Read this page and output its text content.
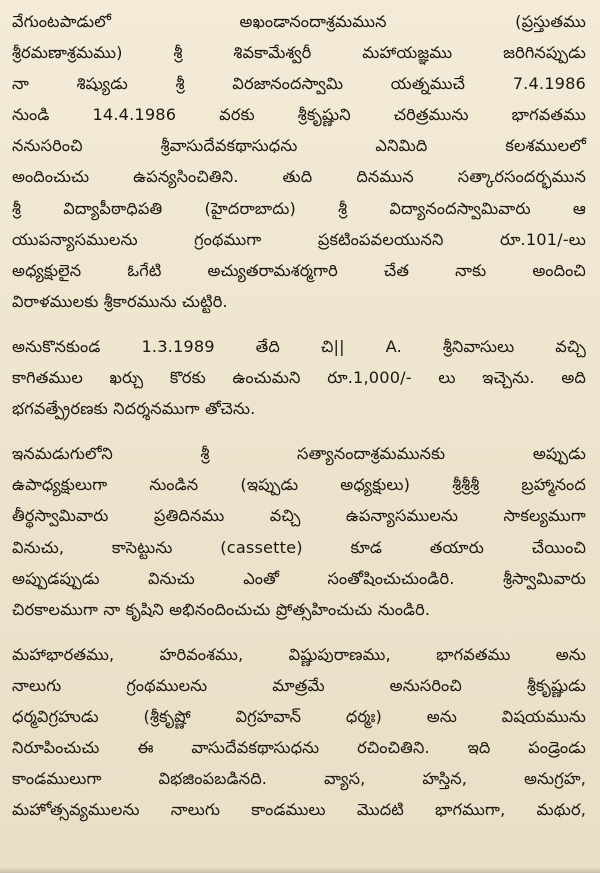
వేగుంటపాడులో అఖండానందాశ్రమమున (ప్రస్తుతము
శ్రీరమణాశ్రమము) శ్రీ శివకామేశ్వరీ మహాయజ్ఞము జరిగినప్పుడు
నా శిష్యుడు శ్రీ విరజానందస్వామి యత్నముచే 7.4.1986
నుండి 14.4.1986 వరకు శ్రీకృష్ణుని చరిత్రమును భాగవతము
ననుసరించి శ్రీవాసుదేవకథాసుధను ఎనిమిది కలశములలో
అందించుచు ఉపన్యసించితిని. తుది దినమున సత్కారసందర్భమున
శ్రీ విద్యాపీఠాధిపతి (హైదరాబాదు) శ్రీ విద్యానందస్వామివారు ఆ
యుపన్యాసములను గ్రంథముగా ప్రకటింపవలయునని రూ.101/-లు
అధ్యక్షులైన ఓగేటి అచ్యుతరామశర్మగారి చేత నాకు అందించి
విరాళములకు శ్రీకారమును చుట్టిరి.
అనుకొనకుండ 1.3.1989 తేది చి|| A. శ్రీనివాసులు వచ్చి
కాగితముల ఖర్చు కొరకు ఉంచుమని రూ.1,000/- లు ఇచ్చెను. అది
భగవత్ప్రేరణకు నిదర్శనముగా తోచెను.
ఇనమడుగులోని శ్రీ సత్యానందాశ్రమమునకు అప్పుడు
ఉపాధ్యక్షులుగా నుండిన (ఇప్పుడు అధ్యక్షులు) శ్రీశ్రీశ్రీ బ్రహ్మానంద
తీర్థస్వామివారు ప్రతిదినము వచ్చి ఉపన్యాసములను సాకల్యముగా
వినుచు, కాసెట్టును (cassette) కూడ తయారు చేయించి
అప్పుడప్పుడు వినుచు ఎంతో సంతోషించుచుండిరి. శ్రీస్వామివారు
చిరకాలముగా నా కృషిని అభినందించుచు ప్రోత్సహించుచు నుండిరి.
మహాభారతము, హరివంశము, విష్ణుపురాణము, భాగవతము అను
నాలుగు గ్రంథములను మాత్రమే అనుసరించి శ్రీకృష్ణుడు
ధర్మవిగ్రహుడు (శ్రీకృష్ణో విగ్రహవాన్ ధర్మః) అను విషయమును
నిరూపించుచు ఈ వాసుదేవకథాసుధను రచించితిని. ఇది పండ్రెండు
కాండములుగా విభజింపబడినది. వ్యాస, హస్తిన, అనుగ్రహ,
మహోత్సవ్యములను నాలుగు కాండములు మొదటి భాగముగా, మథుర,
